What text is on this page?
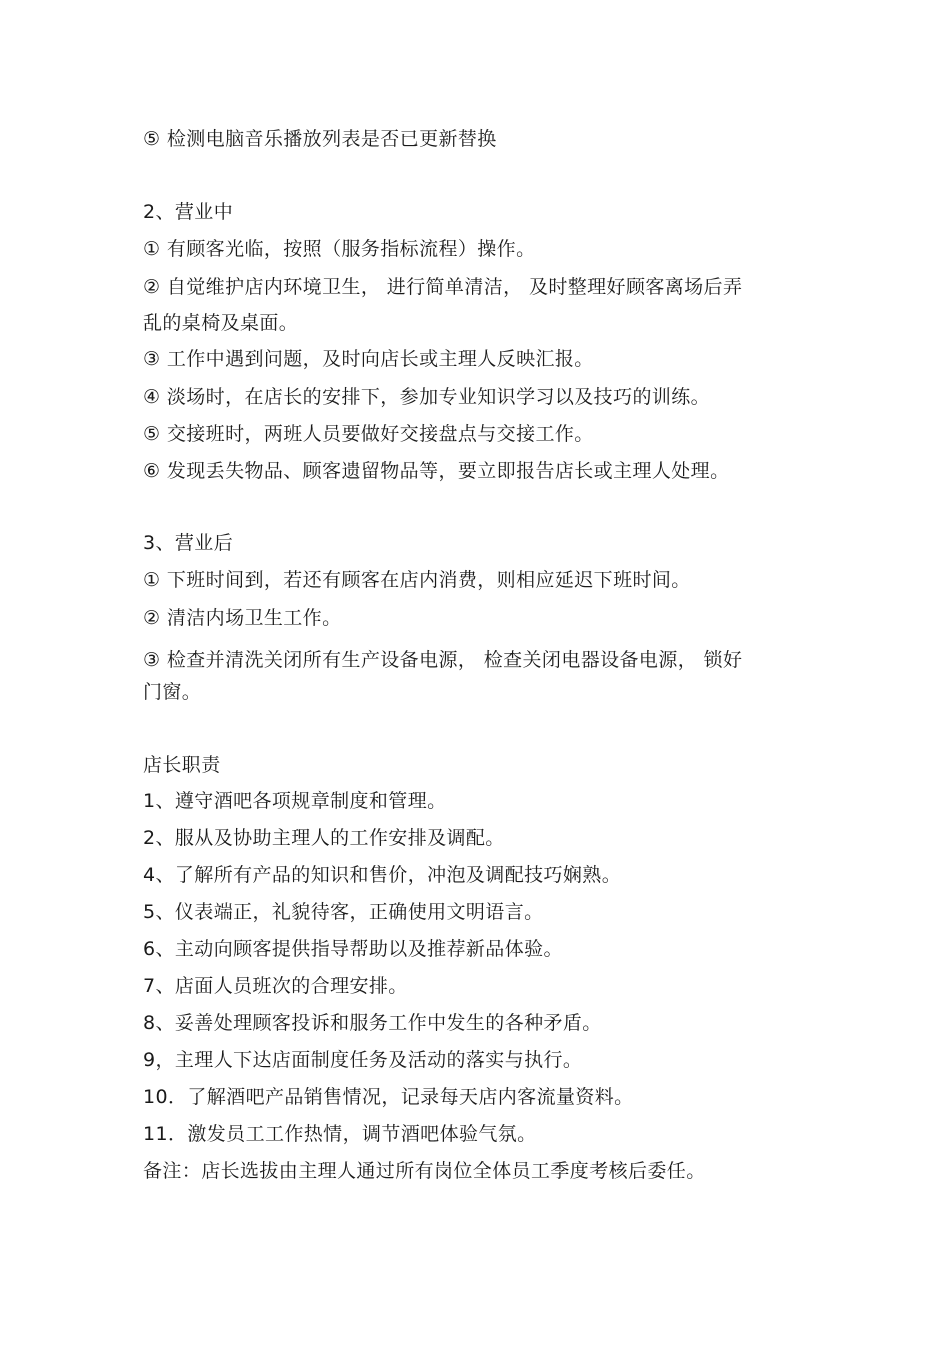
⑤ 检测电脑音乐播放列表是否已更新替换
2、营业中
① 有顾客光临，按照（服务指标流程）操作。
② 自觉维护店内环境卫生， 进行简单清洁， 及时整理好顾客离场后弄
乱的桌椅及桌面。
③ 工作中遇到问题，及时向店长或主理人反映汇报。
④ 淡场时，在店长的安排下，参加专业知识学习以及技巧的训练。
⑤ 交接班时，两班人员要做好交接盘点与交接工作。
⑥ 发现丢失物品、顾客遗留物品等，要立即报告店长或主理人处理。
3、营业后
① 下班时间到，若还有顾客在店内消费，则相应延迟下班时间。
② 清洁内场卫生工作。
③ 检查并清洗关闭所有生产设备电源， 检查关闭电器设备电源， 锁好
门窗。
店长职责
1、遵守酒吧各项规章制度和管理。
2、服从及协助主理人的工作安排及调配。
4、了解所有产品的知识和售价，冲泡及调配技巧娴熟。
5、仪表端正，礼貌待客，正确使用文明语言。
6、主动向顾客提供指导帮助以及推荐新品体验。
7、店面人员班次的合理安排。
8、妥善处理顾客投诉和服务工作中发生的各种矛盾。
9，主理人下达店面制度任务及活动的落实与执行。
10．了解酒吧产品销售情况，记录每天店内客流量资料。
11．激发员工工作热情，调节酒吧体验气氛。
备注：店长选拔由主理人通过所有岗位全体员工季度考核后委任。
